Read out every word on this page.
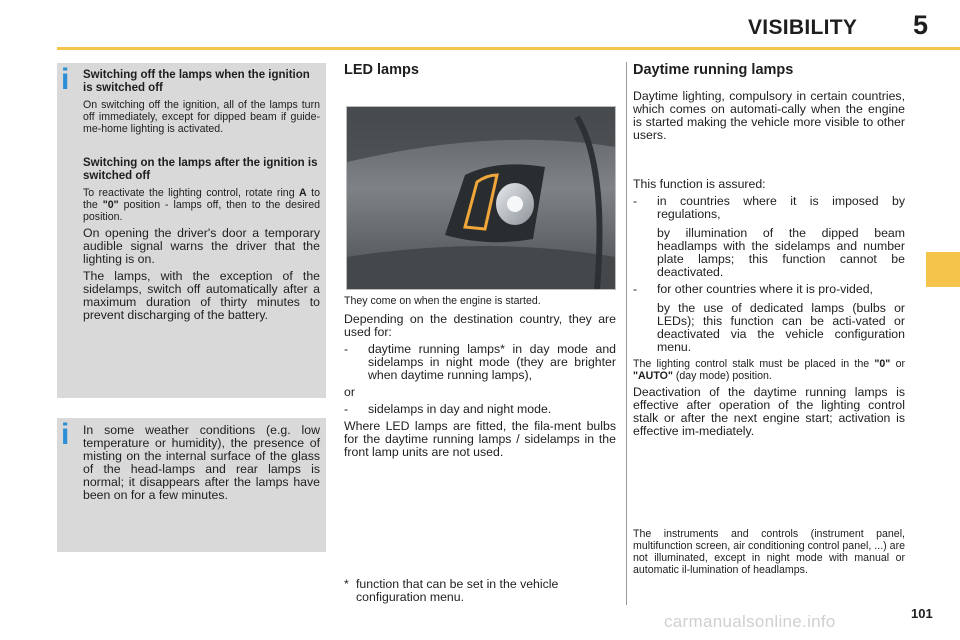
VISIBILITY 5
i Switching off the lamps when the ignition is switched off

On switching off the ignition, all of the lamps turn off immediately, except for dipped beam if guide-me-home lighting is activated.

Switching on the lamps after the ignition is switched off

To reactivate the lighting control, rotate ring A to the "0" position - lamps off, then to the desired position.

On opening the driver's door a temporary audible signal warns the driver that the lighting is on.

The lamps, with the exception of the sidelamps, switch off automatically after a maximum duration of thirty minutes to prevent discharging of the battery.

i In some weather conditions (e.g. low temperature or humidity), the presence of misting on the internal surface of the glass of the head-lamps and rear lamps is normal; it disappears after the lamps have been on for a few minutes.

LED lamps

They come on when the engine is started.

Depending on the destination country, they are used for:

- daytime running lamps* in day mode and sidelamps in night mode (they are brighter when daytime running lamps),

or

- sidelamps in day and night mode.

Where LED lamps are fitted, the fila-ment bulbs for the daytime running lamps / sidelamps in the front lamp units are not used.

* function that can be set in the vehicle configuration menu.
Daytime running lamps

Daytime lighting, compulsory in certain countries, which comes on automati-cally when the engine is started making the vehicle more visible to other users.

This function is assured:

- in countries where it is imposed by regulations,

by illumination of the dipped beam headlamps with the sidelamps and number plate lamps; this function cannot be deactivated.

- for other countries where it is pro-vided,

by the use of dedicated lamps (bulbs or LEDs); this function can be acti-vated or deactivated via the vehicle configuration menu.

The lighting control stalk must be placed in the "0" or "AUTO" (day mode) position.

Deactivation of the daytime running lamps is effective after operation of the lighting control stalk or after the next engine start; activation is effective im-mediately.

The instruments and controls (instrument panel, multifunction screen, air conditioning control panel, ...) are not illuminated, except in night mode with manual or automatic il-lumination of headlamps.
carmanualsonline.info	101
